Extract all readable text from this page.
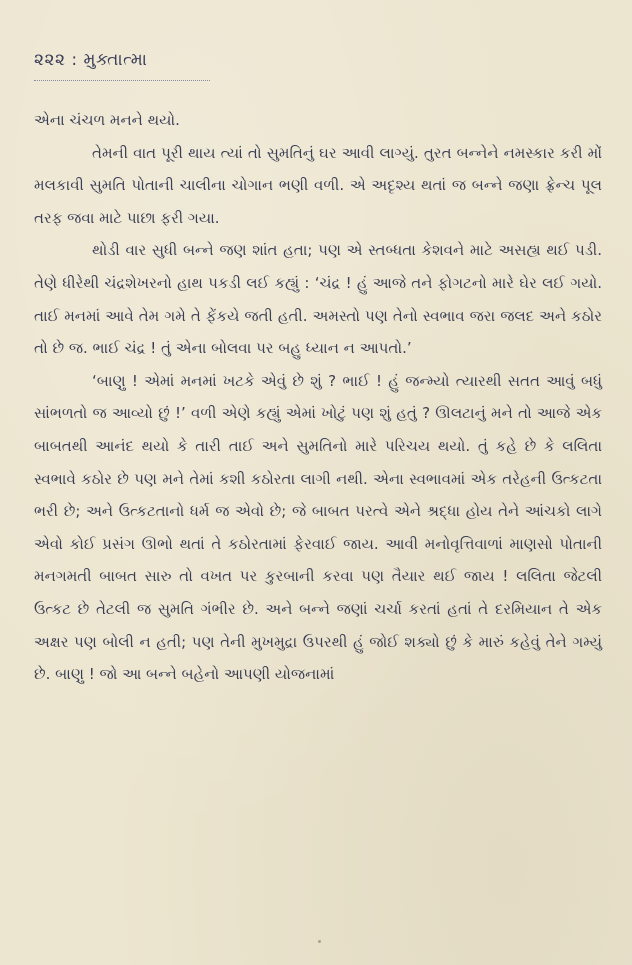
૨૨૨ : મુક્તાત્મા

એના ચંચળ મનને થયો.

તેમની વાત પૂરી થાય ત્યાં તો સુમતિનું ઘર આવી લાગ્યું. તુરત બન્નેને નમસ્કાર કરી મોં મલકાવી સુમતિ પોતાની ચાલીના ચોગાન ભણી વળી. એ અદૃશ્ય થતાં જ બન્ને જણા ફ્રેન્ચ પૂલ તરફ જવા માટે પાછા ફરી ગયા.

થોડી વાર સુધી બન્ને જણ શાંત હતા; પણ એ સ્તબ્ધતા કેશવને માટે અસહ્ય થઈ પડી. તેણે ધીરેથી ચંદ્રશેખરનો હાથ પકડી લઈ કહ્યું : ‘ચંદ્ર ! હું આજે તને ફોગટનો મારે ઘેર લઈ ગયો. તાઈ મનમાં આવે તેમ ગમે તે ફેંકયે જતી હતી. અમસ્તો પણ તેનો સ્વભાવ જરા જલદ અને કઠોર તો છે જ. ભાઈ ચંદ્ર ! તું એના બોલવા પર બહુ ધ્યાન ન આપતો.’

‘બાણુ ! એમાં મનમાં ખટકે એવું છે શું ? ભાઈ ! હું જન્મ્યો ત્યારથી સતત આવું બધું સાંભળતો જ આવ્યો છું !’ વળી એણે કહ્યું એમાં ખોટું પણ શું હતું ? ઊલટાનું મને તો આજે એક બાબતથી આનંદ થયો કે તારી તાઈ અને સુમતિનો મારે પરિચય થયો. તું કહે છે કે લલિતા સ્વભાવે કઠોર છે પણ મને તેમાં કશી કઠોરતા લાગી નથી. એના સ્વભાવમાં એક તરેહની ઉત્કટતા ભરી છે; અને ઉત્કટતાનો ધર્મ જ એવો છે; જે બાબત પરત્વે એને શ્રદ્ધા હોય તેને આંચકો લાગે એવો કોઈ પ્રસંગ ઊભો થતાં તે કઠોરતામાં ફેરવાઈ જાય. આવી મનોવૃત્તિવાળાં માણસો પોતાની મનગમતી બાબત સારુ તો વખત પર કુરબાની કરવા પણ તૈયાર થઈ જાય ! લલિતા જેટલી ઉત્કટ છે તેટલી જ સુમતિ ગંભીર છે. અને બન્ને જણાં ચર્ચા કરતાં હતાં તે દરમિયાન તે એક અક્ષર પણ બોલી ન હતી; પણ તેની મુખમુદ્રા ઉપરથી હું જોઈ શક્યો છું કે મારું કહેવું તેને ગમ્યું છે. બાણુ ! જો આ બન્ને બહેનો આપણી યોજનામાં
